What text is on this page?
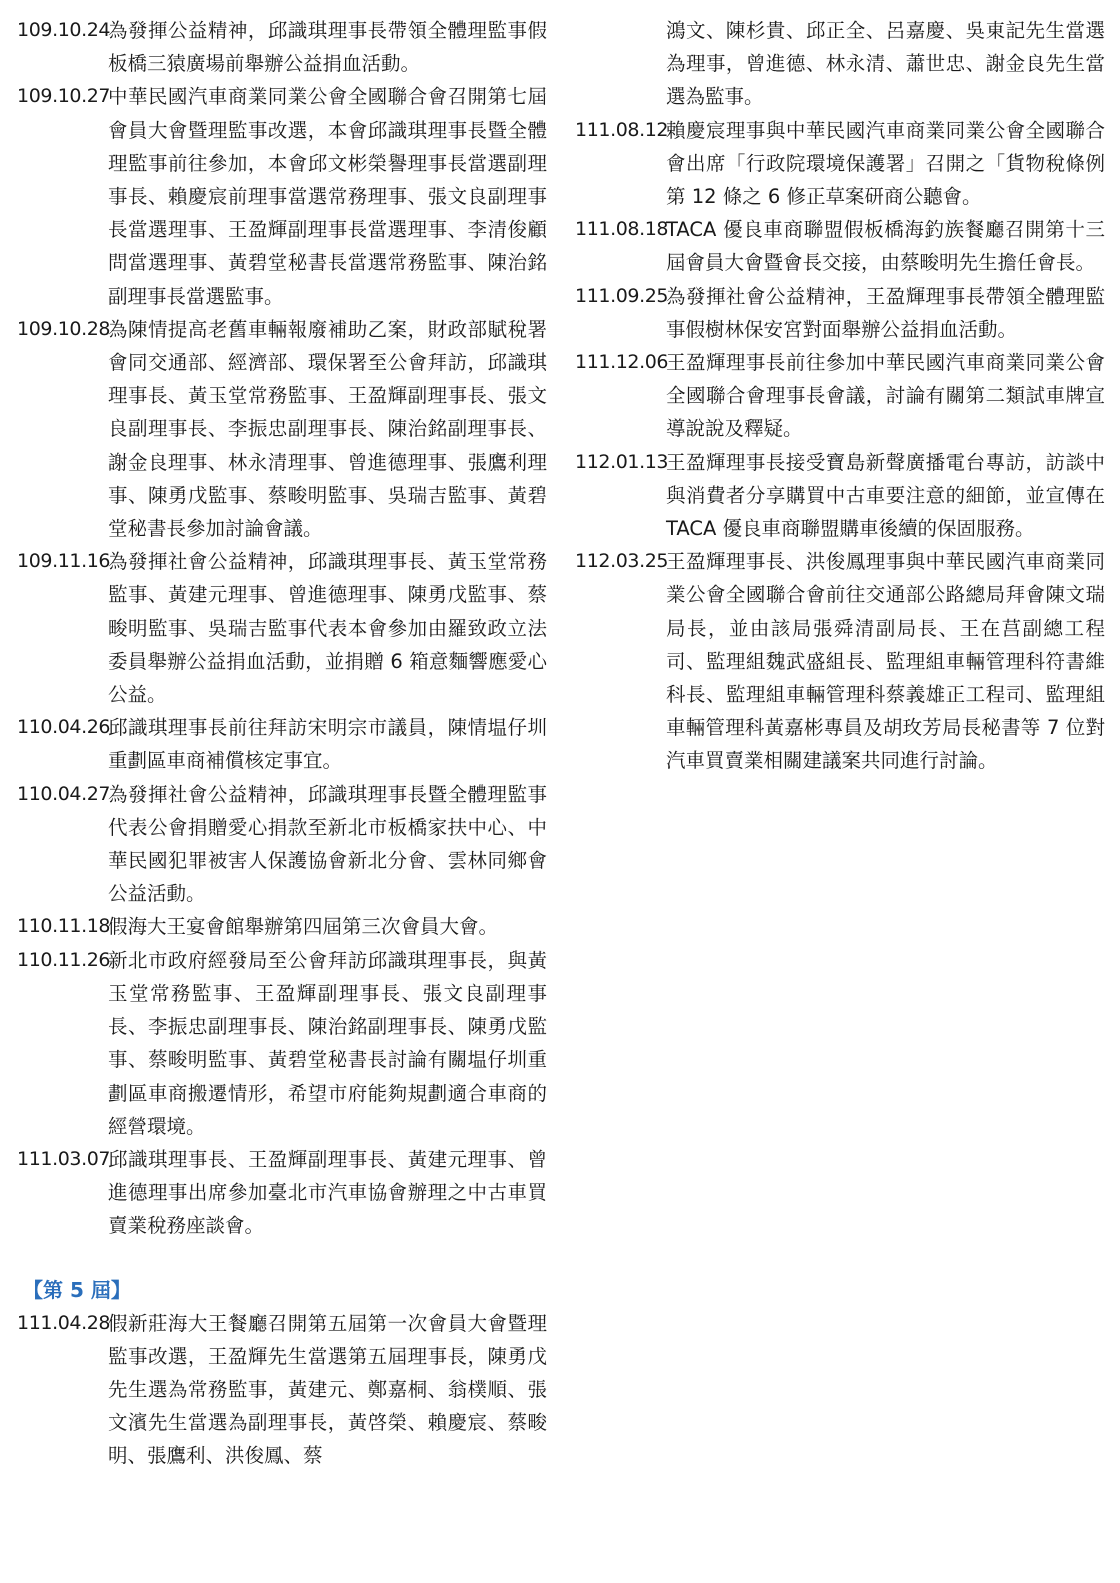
109.10.24
為發揮公益精神，邱識琪理事長帶領全體理監事假板橋三猿廣場前舉辦公益捐血活動。
109.10.27
中華民國汽車商業同業公會全國聯合會召開第七屆會員大會暨理監事改選，本會邱識琪理事長暨全體理監事前往參加，本會邱文彬榮譽理事長當選副理事長、賴慶宸前理事當選常務理事、張文良副理事長當選理事、王盈輝副理事長當選理事、李清俊顧問當選理事、黃碧堂秘書長當選常務監事、陳治銘副理事長當選監事。
109.10.28
為陳情提高老舊車輛報廢補助乙案，財政部賦稅署會同交通部、經濟部、環保署至公會拜訪，邱識琪理事長、黃玉堂常務監事、王盈輝副理事長、張文良副理事長、李振忠副理事長、陳治銘副理事長、謝金良理事、林永清理事、曾進德理事、張鷹利理事、陳勇戊監事、蔡畯明監事、吳瑞吉監事、黃碧堂秘書長參加討論會議。
109.11.16
為發揮社會公益精神，邱識琪理事長、黃玉堂常務監事、黃建元理事、曾進德理事、陳勇戊監事、蔡畯明監事、吳瑞吉監事代表本會參加由羅致政立法委員舉辦公益捐血活動，並捐贈 6 箱意麵響應愛心公益。
110.04.26
邱識琪理事長前往拜訪宋明宗市議員，陳情塭仔圳重劃區車商補償核定事宜。
110.04.27
為發揮社會公益精神，邱識琪理事長暨全體理監事代表公會捐贈愛心捐款至新北市板橋家扶中心、中華民國犯罪被害人保護協會新北分會、雲林同鄉會公益活動。
110.11.18
假海大王宴會館舉辦第四屆第三次會員大會。
110.11.26
新北市政府經發局至公會拜訪邱識琪理事長，與黃玉堂常務監事、王盈輝副理事長、張文良副理事長、李振忠副理事長、陳治銘副理事長、陳勇戊監事、蔡畯明監事、黃碧堂秘書長討論有關塭仔圳重劃區車商搬遷情形，希望市府能夠規劃適合車商的經營環境。
111.03.07
邱識琪理事長、王盈輝副理事長、黃建元理事、曾進德理事出席參加臺北市汽車協會辦理之中古車買賣業稅務座談會。
【第 5 屆】
111.04.28
假新莊海大王餐廳召開第五屆第一次會員大會暨理監事改選，王盈輝先生當選第五屆理事長，陳勇戊先生選為常務監事，黃建元、鄭嘉桐、翁樸順、張文濱先生當選為副理事長，黃啓榮、賴慶宸、蔡畯明、張鷹利、洪俊鳳、蔡
鴻文、陳杉貴、邱正全、呂嘉慶、吳東記先生當選為理事，曾進德、林永清、蕭世忠、謝金良先生當選為監事。
111.08.12
賴慶宸理事與中華民國汽車商業同業公會全國聯合會出席「行政院環境保護署」召開之「貨物稅條例第 12 條之 6 修正草案研商公聽會。
111.08.18
TACA 優良車商聯盟假板橋海釣族餐廳召開第十三屆會員大會暨會長交接，由蔡畯明先生擔任會長。
111.09.25
為發揮社會公益精神，王盈輝理事長帶領全體理監事假樹林保安宮對面舉辦公益捐血活動。
111.12.06
王盈輝理事長前往參加中華民國汽車商業同業公會全國聯合會理事長會議，討論有關第二類試車牌宣導說說及釋疑。
112.01.13
王盈輝理事長接受寶島新聲廣播電台專訪，訪談中與消費者分享購買中古車要注意的細節，並宣傳在 TACA 優良車商聯盟購車後續的保固服務。
112.03.25
王盈輝理事長、洪俊鳳理事與中華民國汽車商業同業公會全國聯合會前往交通部公路總局拜會陳文瑞局長，並由該局張舜清副局長、王在莒副總工程司、監理組魏武盛組長、監理組車輛管理科符書維科長、監理組車輛管理科蔡義雄正工程司、監理組車輛管理科黃嘉彬專員及胡玫芳局長秘書等 7 位對汽車買賣業相關建議案共同進行討論。
